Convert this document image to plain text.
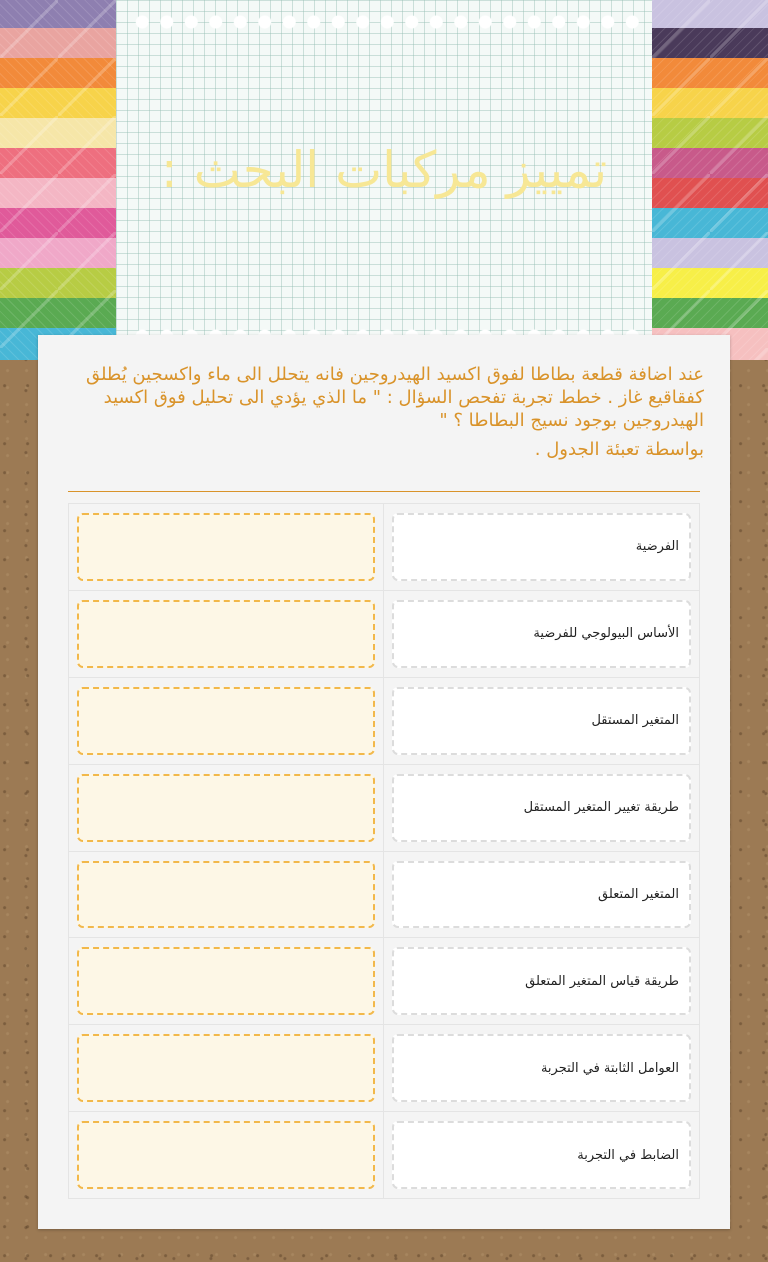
تمييز مركبات البحث :

عند اضافة قطعة بطاطا لفوق اكسيد الهيدروجين فانه يتحلل الى ماء واكسجين يُطلق كفقاقيع غاز . خطط تجربة تفحص السؤال : " ما الذي يؤدي الى تحليل فوق اكسيد الهيدروجين بوجود نسيج البطاطا ؟ "

بواسطة تعبئة الجدول .

الفرضية
الأساس البيولوجي للفرضية
المتغير المستقل
طريقة تغيير المتغير المستقل
المتغير المتعلق
طريقة قياس المتغير المتعلق
العوامل الثابتة في التجربة
الضابط في التجربة
